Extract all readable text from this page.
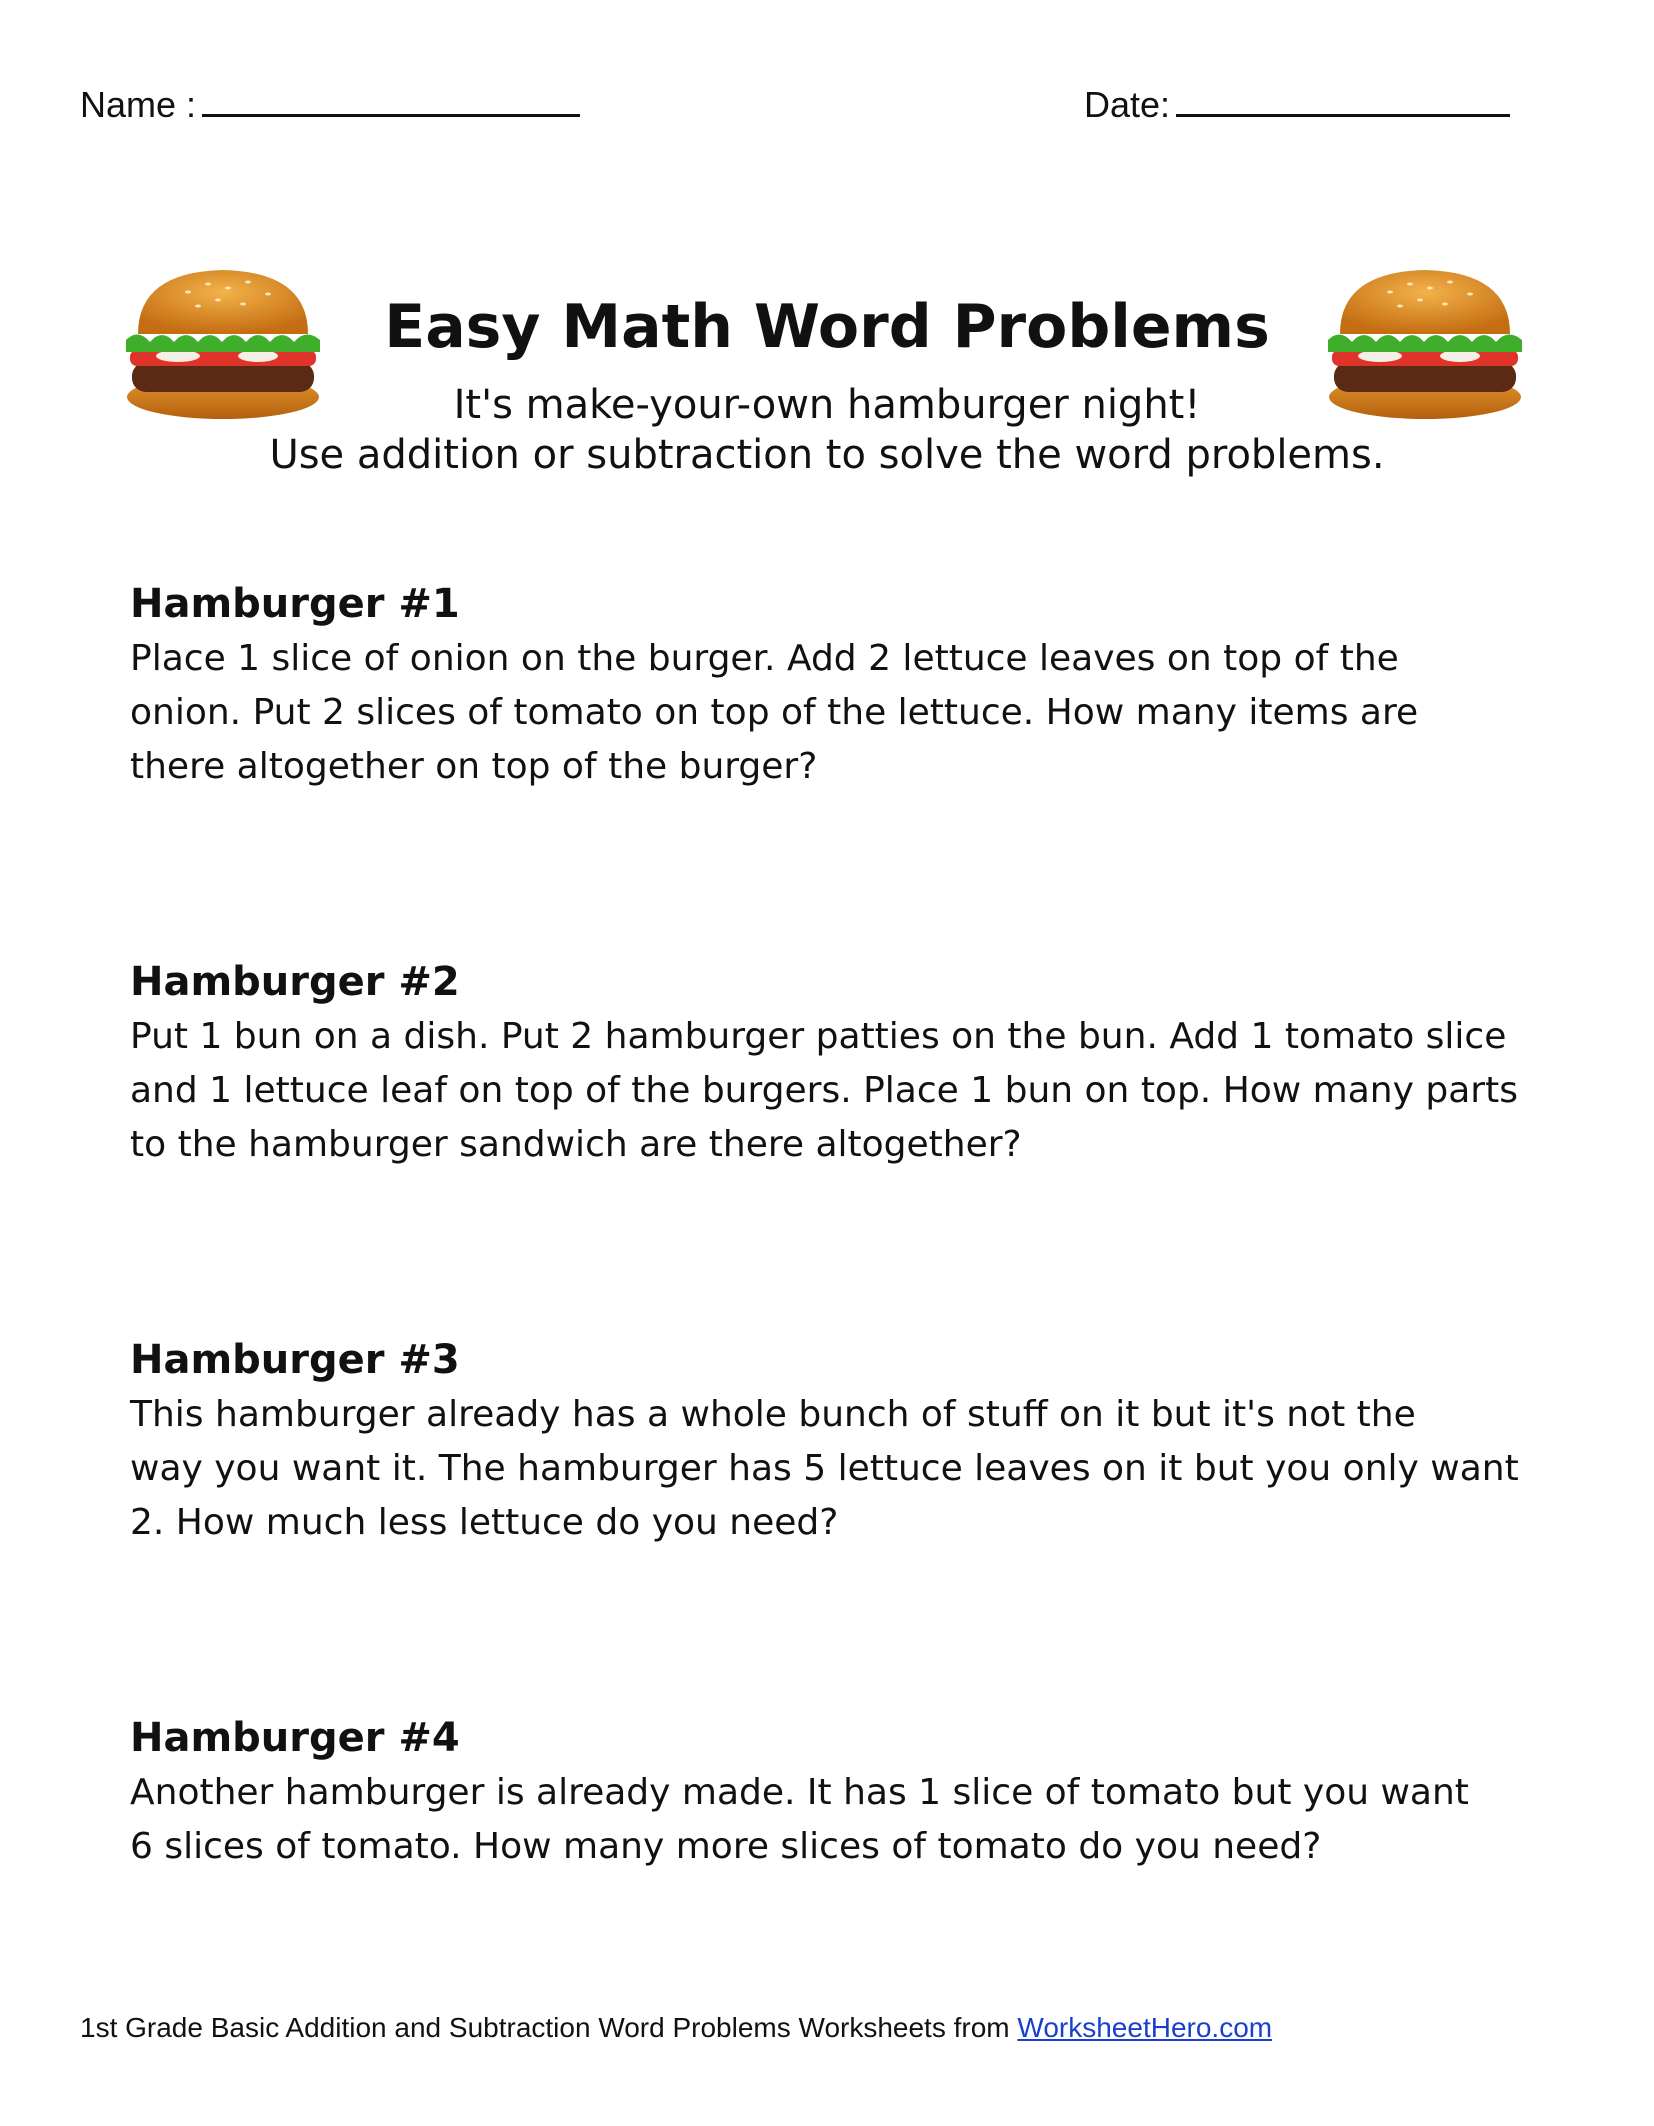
Name :	Date:
Easy Math Word Problems
It's make-your-own hamburger night!
Use addition or subtraction to solve the word problems.

Hamburger #1

Place 1 slice of onion on the burger. Add 2 lettuce leaves on top of the
onion. Put 2 slices of tomato on top of the lettuce. How many items are
there altogether on top of the burger?

Hamburger #2

Put 1 bun on a dish. Put 2 hamburger patties on the bun. Add 1 tomato slice
and 1 lettuce leaf on top of the burgers. Place 1 bun on top. How many parts
to the hamburger sandwich are there altogether?

Hamburger #3

This hamburger already has a whole bunch of stuff on it but it's not the
way you want it. The hamburger has 5 lettuce leaves on it but you only want
2. How much less lettuce do you need?

Hamburger #4

Another hamburger is already made. It has 1 slice of tomato but you want
6 slices of tomato. How many more slices of tomato do you need?

1st Grade Basic Addition and Subtraction Word Problems Worksheets from WorksheetHero.com
